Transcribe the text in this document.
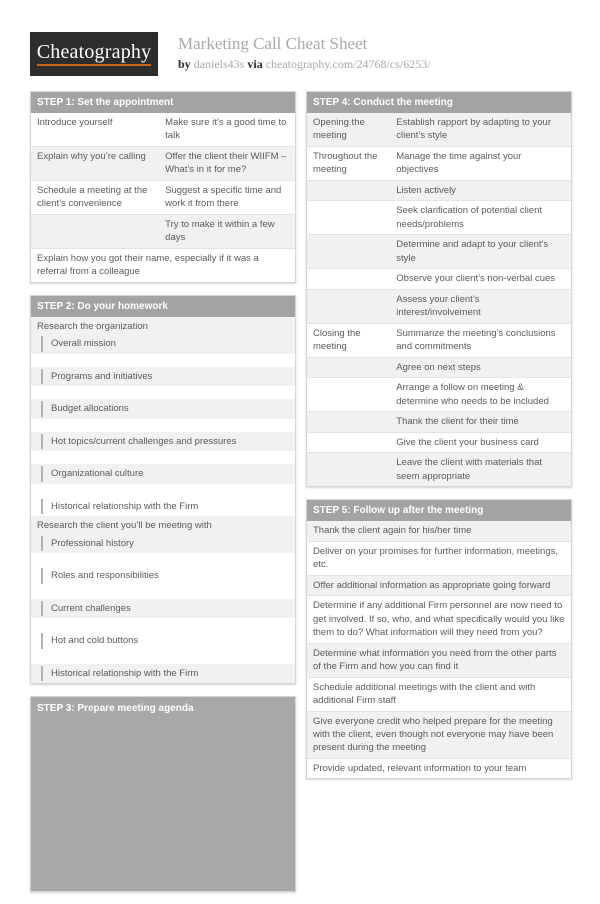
Cheatography Marketing Call Cheat Sheet

by daniels43s via cheatography.com/24768/cs/6253/

STEP 1: Set the appointment
Introduce yourself	Make sure it’s a good time to talk
Explain why you’re calling	Offer the client their WIIFM – What’s in it for me?
Schedule a meeting at the client’s convenience
Suggest a specific time and work it from there
Try to make it within a few days
Explain how you got their name, especially if it was a referral from a colleague
STEP 2: Do your homework
Research the organization
Overall mission
Programs and initiatives
Budget allocations
Hot topics/current challenges and pressures
Organizational culture
Historical relationship with the Firm
Research the client you’ll be meeting with
Professional history
Roles and responsibilities
Current challenges
Hot and cold buttons
Historical relationship with the Firm
STEP 3: Prepare meeting agenda
STEP 4: Conduct the meeting
Opening the meeting
Establish rapport by adapting to your client’s style
Throughout the meeting
Manage the time against your objectives
Listen actively
Seek clarification of potential client needs/problems
Determine and adapt to your client’s style
Observe your client’s non-verbal cues
Assess your client’s interest/involvement
Closing the meeting
Summarize the meeting’s conclusions and commitments
Agree on next steps
Arrange a follow on meeting & determine who needs to be included
Thank the client for their time
Give the client your business card
Leave the client with materials that seem appropriate
STEP 5: Follow up after the meeting
Thank the client again for his/her time
Deliver on your promises for further information, meetings, etc.
Offer additional information as appropriate going forward
Determine if any additional Firm personnel are now need to get involved. If so, who, and what specifically would you like them to do? What information will they need from you?
Determine what information you need from the other parts of the Firm and how you can find it
Schedule additional meetings with the client and with additional Firm staff
Give everyone credit who helped prepare for the meeting with the client, even though not everyone may have been present during the meeting
Provide updated, relevant information to your team
